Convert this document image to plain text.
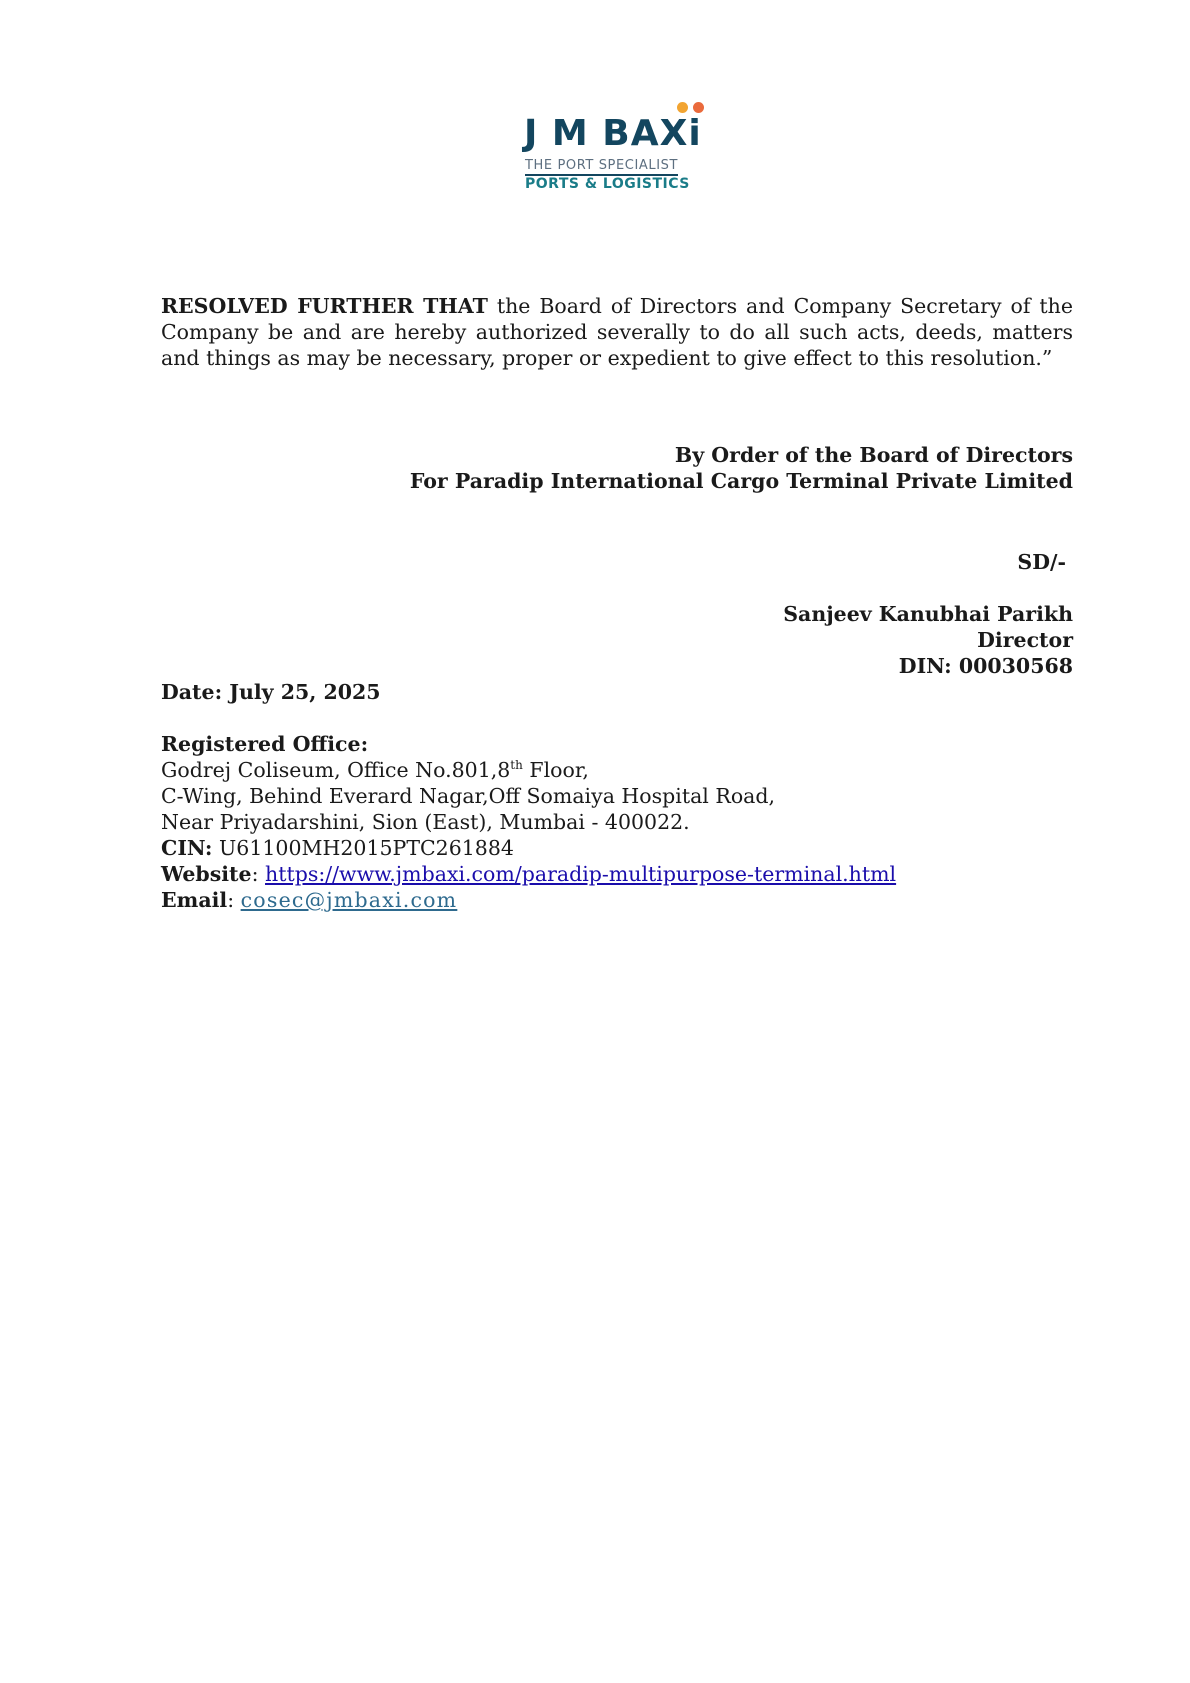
J M BAXi
THE PORT SPECIALIST
PORTS & LOGISTICS
RESOLVED FURTHER THAT the Board of Directors and Company Secretary of the Company be and are hereby authorized severally to do all such acts, deeds, matters and things as may be necessary, proper or expedient to give effect to this resolution.”
By Order of the Board of Directors
For Paradip International Cargo Terminal Private Limited
SD/-
Sanjeev Kanubhai Parikh
Director
DIN: 00030568
Date: July 25, 2025
Registered Office:
Godrej Coliseum, Office No.801,8th Floor,
C-Wing, Behind Everard Nagar,Off Somaiya Hospital Road,
Near Priyadarshini, Sion (East), Mumbai - 400022.
CIN: U61100MH2015PTC261884
Website: https://www.jmbaxi.com/paradip-multipurpose-terminal.html
Email: cosec@jmbaxi.com
